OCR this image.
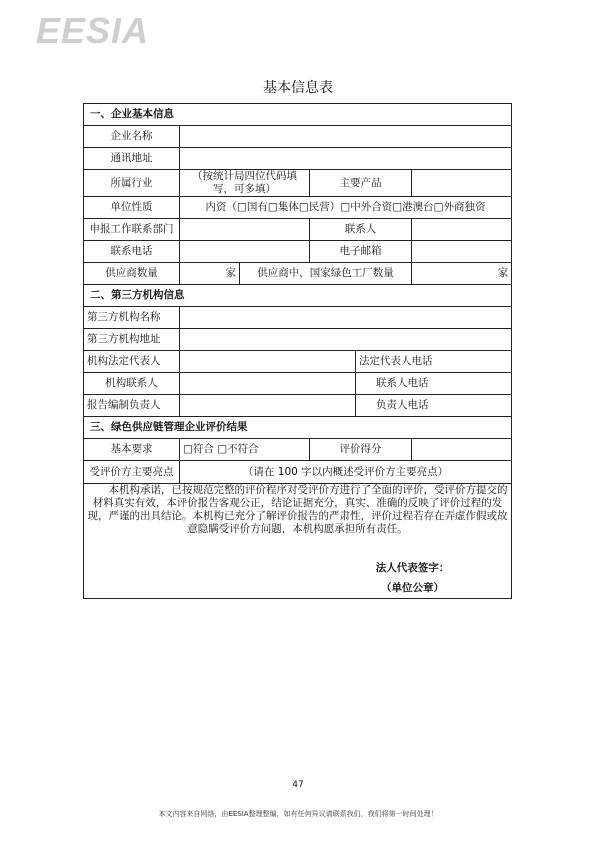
EESIA
基本信息表
一、企业基本信息					
企业名称					
通讯地址					
所属行业	（按统计局四位代码填写，可多填）		主要产品		
单位性质	内资（□国有□集体□民营）□中外合资□港澳台□外商独资				
申报工作联系部门			联系人		
联系电话			电子邮箱		
供应商数量	家	供应商中，国家绿色工厂数量			家
二、第三方机构信息					
第三方机构名称					
第三方机构地址					
机构法定代表人				法定代表人电话	
机构联系人				联系人电话	
报告编制负责人				负责人电话	
三、绿色供应链管理企业评价结果					
基本要求	□符合 □不符合		评价得分		
受评价方主要亮点	（请在 100 字以内概述受评价方主要亮点）				

本机构承诺，已按规范完整的评价程序对受评价方进行了全面的评价，受评价方提交的材料真实有效，本评价报告客观公正，结论证据充分，真实、准确的反映了评价过程的发现，严谨的出具结论。本机构已充分了解评价报告的严肃性，评价过程若存在弄虚作假或故意隐瞒受评价方问题，本机构愿承担所有责任。

法人代表签字：
（单位公章）					
47
本文内容来自网络，由EESIA整理整编，如有任何异议请联系我们，我们将第一时间处理！
